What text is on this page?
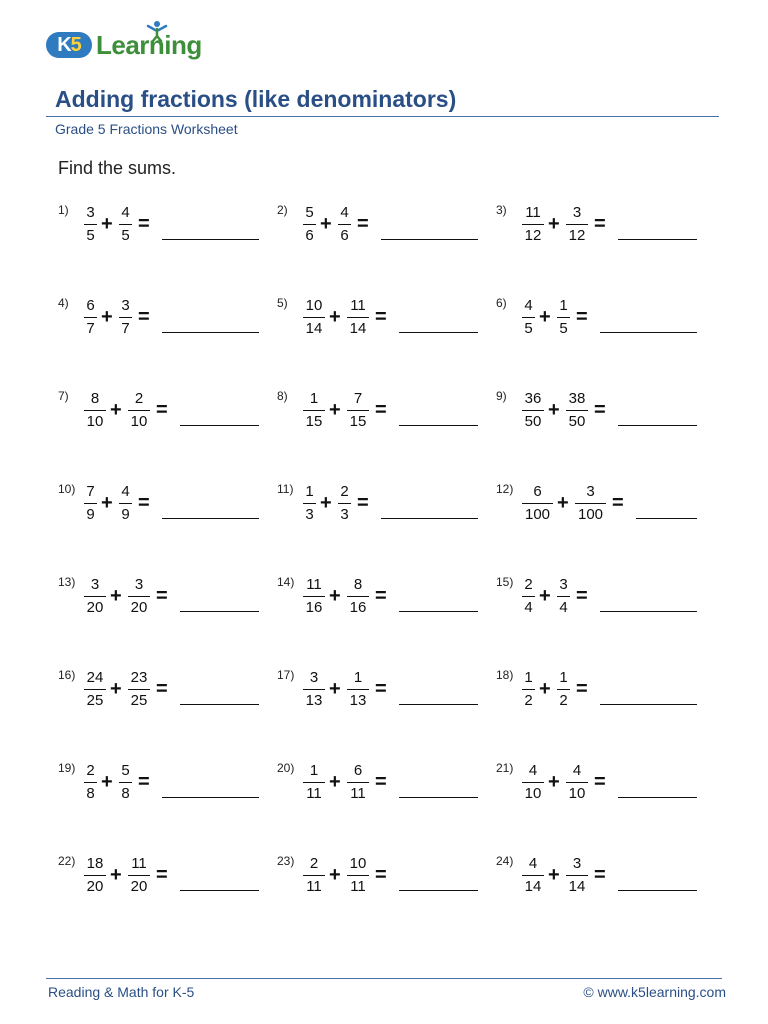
K5 Learning
Adding fractions (like denominators)
Grade 5 Fractions Worksheet
Find the sums.
1) 3
5
+
4
5
=
2) 5
6
+
4
6
=
3) 11
12
+
3
12
=
4) 6
7
+
3
7
=
5) 10
14
+
11
14
=
6) 4
5
+
1
5
=
7)	8
10
+
2
10
=
8)	1
15
+
7
15
=
9) 36
50
+
38
50
=
10) 7
9
+
4
9
=
11) 1
3
+
2
3
=
12)	6
100
+
3
100
=
13)	3
20
+
3
20
=
14) 11
16
+
8
16
=
15) 2
4
+
3
4
=
16) 24
25
+
23
25
=
17)	3
13
+
1
13
=
18) 1
2
+
1
2
=
19) 2
8
+
5
8
=
20)	1
11
+
6
11
=
21)	4
10
+
4
10
=
22) 18
20
+
11
20
=
23)	2
11
+
10
11
=
24)	4
14
+
3
14
=
Reading & Math for K-5	© www.k5learning.com
